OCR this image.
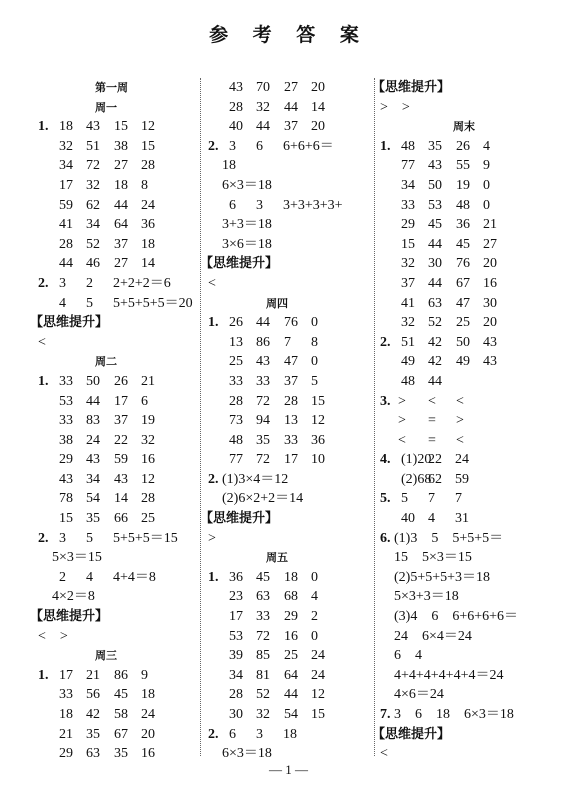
参 考 答 案
第一周
周一
1. 18 43 15 12
32 51 38 15
34 72 27 28
17 32 18 8
59 62 44 24
41 34 64 36
28 52 37 18
44 46 27 14
2. 3 2 2+2+2＝6
4 5 5+5+5+5＝20
【思维提升】
<
周二
1. 33 50 26 21
53 44 17 6
33 83 37 19
38 24 22 32
29 43 59 16
43 34 43 12
78 54 14 28
15 35 66 25
2. 3 5 5+5+5＝15
5×3＝15
2 4 4+4＝8
4×2＝8
【思维提升】
<　>
周三
1. 17 21 86 9
33 56 45 18
18 42 58 24
21 35 67 20
29 63 35 16
43 70 27 20
28 32 44 14
40 44 37 20
2. 3 6 6+6+6＝
18
6×3＝18
6 3 3+3+3+3+
3+3＝18
3×6＝18
【思维提升】
<
周四
1. 26 44 76 0
13 86 7 8
25 43 47 0
33 33 37 5
28 72 28 15
73 94 13 12
48 35 33 36
77 72 17 10
2. (1)3×4＝12
(2)6×2+2＝14
【思维提升】
>
周五
1. 36 45 18 0
23 63 68 4
17 33 29 2
53 72 16 0
39 85 25 24
34 81 64 24
28 52 44 12
30 32 54 15
2. 6 3 18
6×3＝18
【思维提升】
>　>
周末
1. 48 35 26 4
77 43 55 9
34 50 19 0
33 53 48 0
29 45 36 21
15 44 45 27
32 30 76 20
37 44 67 16
41 63 47 30
32 52 25 20
2. 51 42 50 43
49 42 49 43
48 44
3. > < <
> = >
< = <
4. (1)20
22 24
(2)68
62 59
5. 5 7 7
40 4 31
6. (1)3　5　5+5+5＝
15　5×3＝15
(2)5+5+5+3＝18
5×3+3＝18
(3)4　6　6+6+6+6＝
24　6×4＝24
6　4
4+4+4+4+4+4＝24
4×6＝24
7. 3　6　18　6×3＝18
【思维提升】
<
— 1 —
